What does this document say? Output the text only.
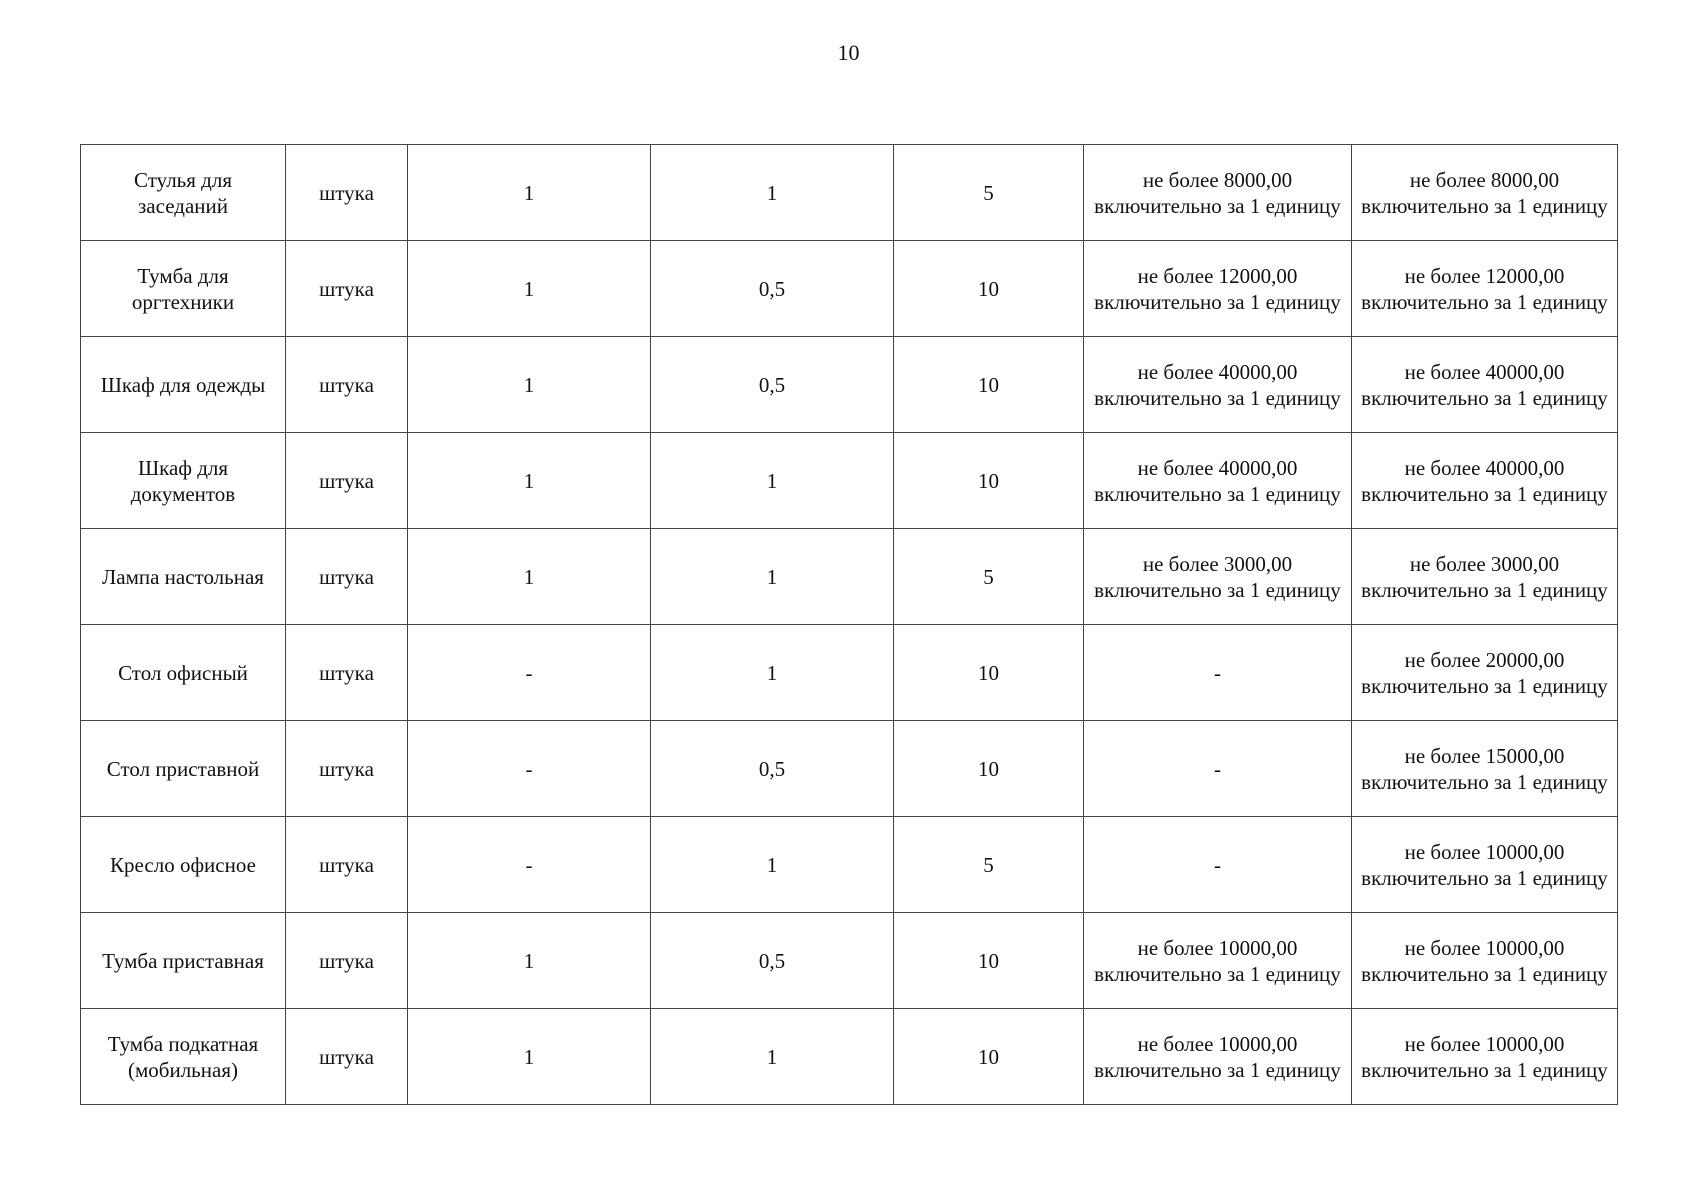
10
Стулья для заседаний	штука	1	1	5	не более 8000,00 включительно за 1 единицу	не более 8000,00 включительно за 1 единицу
Тумба для оргтехники	штука	1	0,5	10	не более 12000,00 включительно за 1 единицу	не более 12000,00 включительно за 1 единицу
Шкаф для одежды	штука	1	0,5	10	не более 40000,00 включительно за 1 единицу	не более 40000,00 включительно за 1 единицу
Шкаф для документов	штука	1	1	10	не более 40000,00 включительно за 1 единицу	не более 40000,00 включительно за 1 единицу
Лампа настольная	штука	1	1	5	не более 3000,00 включительно за 1 единицу	не более 3000,00 включительно за 1 единицу
Стол офисный	штука	-	1	10	-	не более 20000,00 включительно за 1 единицу
Стол приставной	штука	-	0,5	10	-	не более 15000,00 включительно за 1 единицу
Кресло офисное	штука	-	1	5	-	не более 10000,00 включительно за 1 единицу
Тумба приставная	штука	1	0,5	10	не более 10000,00 включительно за 1 единицу	не более 10000,00 включительно за 1 единицу
Тумба подкатная (мобильная)	штука	1	1	10	не более 10000,00 включительно за 1 единицу	не более 10000,00 включительно за 1 единицу
